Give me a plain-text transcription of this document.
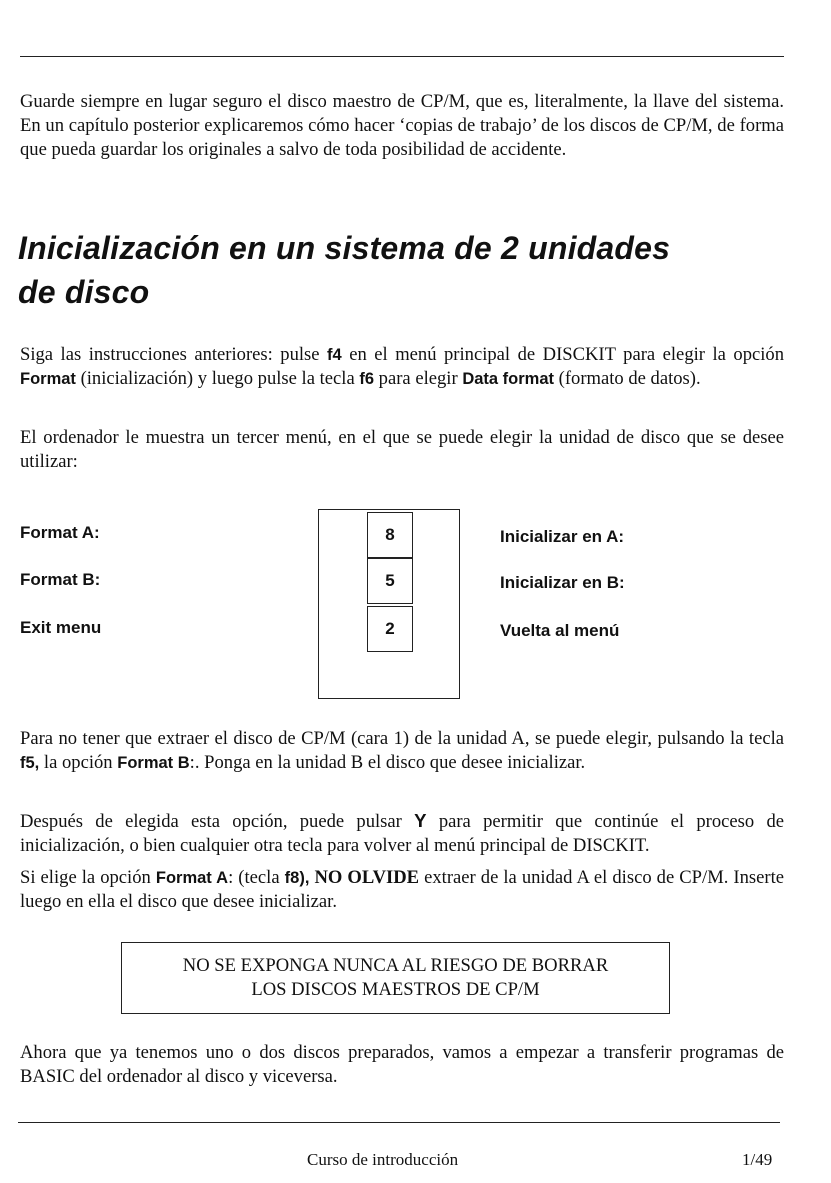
Guarde siempre en lugar seguro el disco maestro de CP/M, que es, literalmente, la llave del sistema. En un capítulo posterior explicaremos cómo hacer ‘copias de trabajo’ de los discos de CP/M, de forma que pueda guardar los originales a salvo de toda posibilidad de accidente.

Inicialización en un sistema de 2 unidades
de disco

Siga las instrucciones anteriores: pulse f4 en el menú principal de DISCKIT para elegir la opción Format (inicialización) y luego pulse la tecla f6 para elegir Data format (formato de datos).

El ordenador le muestra un tercer menú, en el que se puede elegir la unidad de disco que se desee utilizar:

Format A:
Format B:
Exit menu
8
5
2
Inicializar en A:
Inicializar en B:
Vuelta al menú

Para no tener que extraer el disco de CP/M (cara 1) de la unidad A, se puede elegir, pulsando la tecla f5, la opción Format B:. Ponga en la unidad B el disco que desee inicializar.

Después de elegida esta opción, puede pulsar Y para permitir que continúe el proceso de inicialización, o bien cualquier otra tecla para volver al menú principal de DISCKIT.

Si elige la opción Format A: (tecla f8), NO OLVIDE extraer de la unidad A el disco de CP/M. Inserte luego en ella el disco que desee inicializar.

NO SE EXPONGA NUNCA AL RIESGO DE BORRAR
LOS DISCOS MAESTROS DE CP/M

Ahora que ya tenemos uno o dos discos preparados, vamos a empezar a transferir programas de BASIC del ordenador al disco y viceversa.

Curso de introducción	1/49
